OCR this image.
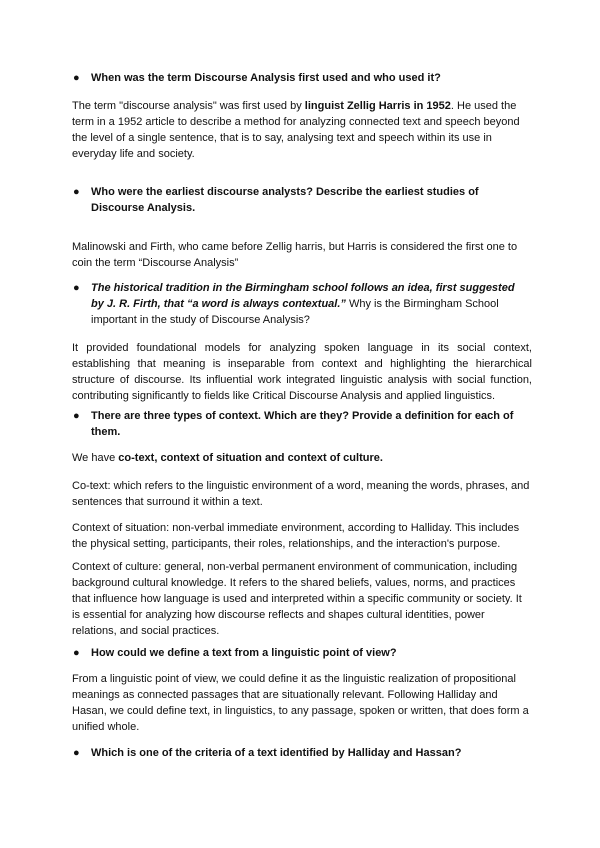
● When was the term Discourse Analysis first used and who used it?
The term "discourse analysis" was first used by linguist Zellig Harris in 1952. He used the term in a 1952 article to describe a method for analyzing connected text and speech beyond the level of a single sentence, that is to say, analysing text and speech within its use in everyday life and society.
● Who were the earliest discourse analysts? Describe the earliest studies of Discourse Analysis.
Malinowski and Firth, who came before Zellig harris, but Harris is considered the first one to coin the term “Discourse Analysis”
● The historical tradition in the Birmingham school follows an idea, first suggested by J. R. Firth, that “a word is always contextual.” Why is the Birmingham School important in the study of Discourse Analysis?
It provided foundational models for analyzing spoken language in its social context, establishing that meaning is inseparable from context and highlighting the hierarchical structure of discourse. Its influential work integrated linguistic analysis with social function, contributing significantly to fields like Critical Discourse Analysis and applied linguistics.
● There are three types of context. Which are they? Provide a definition for each of them.
We have co-text, context of situation and context of culture.
Co-text: which refers to the linguistic environment of a word, meaning the words, phrases, and sentences that surround it within a text.
Context of situation: non-verbal immediate environment, according to Halliday. This includes the physical setting, participants, their roles, relationships, and the interaction's purpose.
Context of culture: general, non-verbal permanent environment of communication, including background cultural knowledge. It refers to the shared beliefs, values, norms, and practices that influence how language is used and interpreted within a specific community or society. It is essential for analyzing how discourse reflects and shapes cultural identities, power relations, and social practices.
● How could we define a text from a linguistic point of view?
From a linguistic point of view, we could define it as the linguistic realization of propositional meanings as connected passages that are situationally relevant. Following Halliday and Hasan, we could define text, in linguistics, to any passage, spoken or written, that does form a unified whole.
● Which is one of the criteria of a text identified by Halliday and Hassan?
